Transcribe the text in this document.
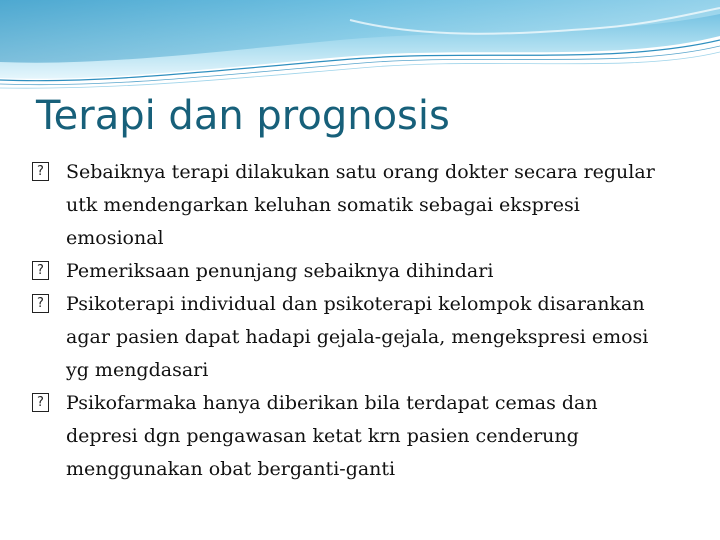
Terapi dan prognosis
? Sebaiknya terapi dilakukan satu orang dokter secara regular utk mendengarkan keluhan somatik sebagai ekspresi emosional
? Pemeriksaan penunjang sebaiknya dihindari
? Psikoterapi individual dan psikoterapi kelompok disarankan agar pasien dapat hadapi gejala-gejala, mengekspresi emosi yg mengdasari
? Psikofarmaka hanya diberikan bila terdapat cemas dan depresi dgn pengawasan ketat krn pasien cenderung menggunakan obat berganti-ganti
